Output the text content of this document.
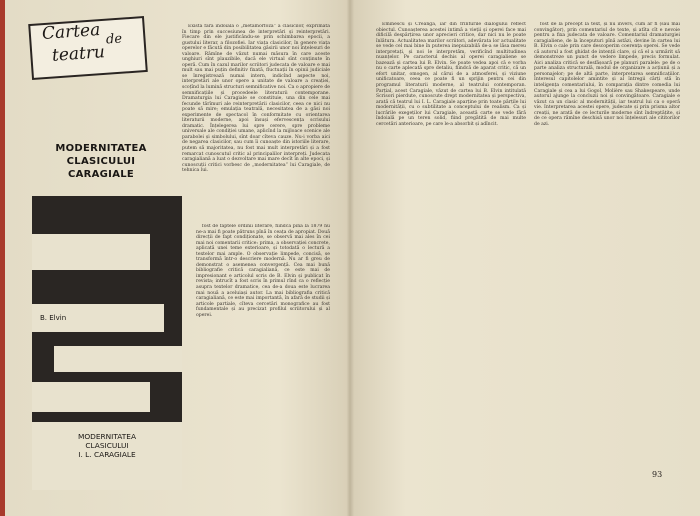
Cartea de
teatru
MODERNITATEA
CLASICULUI
CARAGIALE
B. Elvin
MODERNITATEA
CLASICULUI
I. L. CARAGIALE

Există fără îndoială o „metamorfoză” a clasicilor, exprimată în timp prin succesiunea de interpretări și reinterpretări. Fiecare din ele justificându-se prin schimbarea epocii, a gustului literar, a filozofiei. Iar viața clasicilor, în genere viața operelor e făcută din posibilitatea găsirii unor noi înțelesuri de valoare. Rămîne de văzut numai măsura în care aceste unghiuri sînt plauzibile, dacă ele virtual sînt conținute în operă. Cum în cazul marilor scriitori judecata de valoare e mai mult sau mai puțin definitiv fixată, fluctuații în opinii judiciale se înregistrează numai intern, indicînd aspecte noi, interpretări ale unor opere a unitate de valoare a creației, scoțînd la lumină structuri semnificative noi. Ca o apropiere de semnificațiile și procedeele literaturii contemporane. Dramaturgia lui Caragiale se constituie, una din cele mai fecunde tărîmuri ale reinterpretării clasicilor, ceea ce nici nu poate să mire; emulația teatrală, necesitatea de a găsi noi experimente de spectacol în conformitate cu orientarea literaturii moderne, apoi însuși efervescența scrisului dramatic. Înțelegerea lui spre cerere, spre probleme universale ale condiției umane, aplicînd la mijloace scenice ale parabolei și simbolului, sînt doar cîteva cauze. Nu-i vorba aici de negarea clasicilor, sau cum îi cunoaște din istoriile literare, putem să majoritatea, nu fost mai mult interpretări și a fost remarcat cunoscutul critic al principalilor interpreți. Judecata caragialiană a luat o dezvoltare mai mare decît în alte epoci, și cunoscuții critici vorbesc de „modernitatea” lui Caragiale, de tehnica lui.

fost de faptele ordinii literare, fiindcă pînă la 1879 nu ne-a mai fi poate pătruns pînă în ceața de apropiat. Două direcții de fapt condiționate, se observă mai ales în cei mai noi comentarii critice: prima, a observației concrete, aplicată unei teme exterioare, și totodată o lectură a textelor mai ample. O observație limpede, concisă, se transformă într-o descriere modernă. Nu ar fi greu de demonstrat o asemenea convergență. Cea mai bună bibliografie critică caragialiană, ce este mai de impresionant e articolul scris de B. Elvin și publicat în revista; intrucît a fost scris în primul rînd ca o reflecție asupra textelor dramatice, cea de-a doua este lucrarea mai nouă a aceluiași autor. La mai bibliografia critică caragialiană, ce este mai importantă, în afară de studii și articole partiale, cîteva cercetări monografice au fost fundamentale și au precizat profilul scriitorului și al operei.

Eminescu și Creangă, iar din frînturile dialogului reflect obiectul. Cunoașterea acestei intimă a vieții și operei face mai dificilă despărțirea unor aprecieri critice, dar nici nu le poate înlătura. Actualitatea marilor scriitori, adevărata lor actualitate se vede cel mai bine în puterea inepuizabilă de-a se lăsa mereu interpretați, și noi le interpretăm, verificînd multitudinea nuanțelor. Pe caracterul dechis al operei caragialiene se bazează și cartea lui B. Elvin. Se poate vedea apoi că e vorba nu o carte aplecată spre detaliu, fiindcă de aparat critic, că un efort unitar, omogen, al cărui de a atmosferei, și viziune unificatoare, ceea ce poate fi un sprijin pentru cei din programul literaturii moderne, al teatrului contemporan. Parțial, acest Caragiale, văzut de cartea lui B. Elvin intitulată Scrisori pierdute, cunoscute drept modernitatea și perspectiva, arată că teatrul lui I. L. Caragiale aparține prin toate părțile lui modernității, cu o subtilitate a conceptului de realism. Ca și lucrările exegeților lui Caragiale, această carte se vede fără îndoială pe un teren solid, fiind pregătită de mai multe cercetări anterioare, pe care le-a absorbit și adîncit.

fost de la precept la text, și nu invers, cum ar fi (sau mai convingător), prin comentariul de texte, și atîta cît e nevoie pentru a fixa judecata de valoare. Comentariul dramaturgiei caragialiene, de la începuturi pînă astăzi, devine în cartea lui B. Elvin o cale prin care descoperim coerența operei. Se vede că autorul a fost ghidat de intenții clare, și că el a urmărit să demonstreze un punct de vedere limpede, precis formulat. Aici analiza critică se desfășoară pe planuri paralele: pe de o parte analiza structurală, modul de organizare a acțiunii și a personajelor; pe de altă parte, interpretarea semnificațiilor. Interesul capitolelor amintite și al întregii cărți stă în inteligența comentariului, în comparația dintre comedia lui Caragiale și cea a lui Gogol, Molière sau Shakespeare, unde autorul ajunge la concluzii noi și convingătoare. Caragiale e văzut ca un clasic al modernității, iar teatrul lui ca o operă vie. Interpretarea acestei opere, judecate și prin prisma altor creații, ne arată de ce lecturile moderne sînt îndreptățite, și de ce opera rămîne deschisă unor noi înțelesuri ale cititorilor de azi.

93
